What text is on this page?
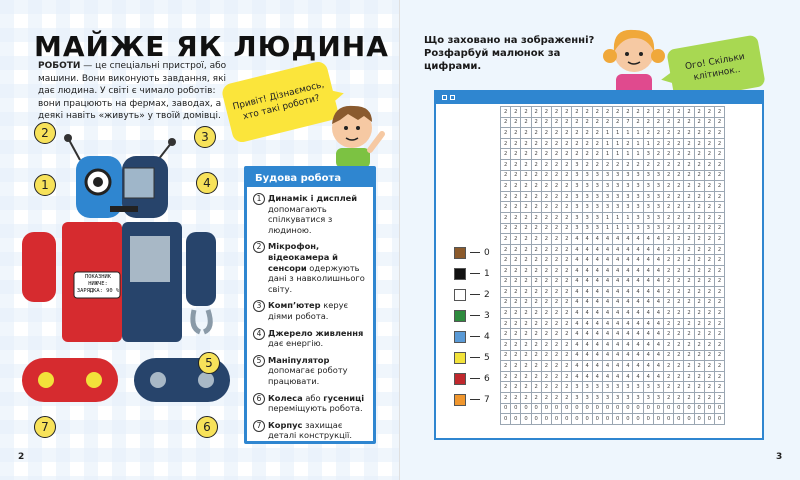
МАЙЖЕ ЯК ЛЮДИНА
РОБОТИ — це спеціальні пристрої, або машини. Вони виконують завдання, які дає людина. У світі є чимало роботів: вони працюють на фермах, заводах, а деякі навіть «живуть» у твоїй домівці.
Привіт! Дізнаємось, хто такі роботи?
ПОКАЗНИК НИЖЧЕ: ЗАРЯДКА: 90 %
1
2	3
4
5
6
7
Будова робота
1 Динамік і дисплей допомагають спілкуватися з людиною.
2 Мікрофон, відеокамера й сенсори одержують дані з навколишнього світу.
3 Комп’ютер керує діями робота.
4 Джерело живлення дає енергію.
5 Маніпулятор допомагає роботу працювати.
6 Колеса або гусениці переміщують робота.
7 Корпус захищає деталі конструкції.
2
Що заховано на зображенні? Розфарбуй малюнок за цифрами.	Ого! Скільки клітинок..
0
1
2
3
4
5
6
7
2	2	2	2	2	2	2	2	2	2	2	2	2	2	2	2	2	2	2	2	2	2
2	2	2	2	2	2	2	2	2	2	2	2	7	2	2	2	2	2	2	2	2	2
2	2	2	2	2	2	2	2	2	2	1	1	1	1	2	2	2	2	2	2	2	2
2	2	2	2	2	2	2	2	2	2	1	1	2	1	1	2	2	2	2	2	2	2
2	2	2	2	2	2	2	2	2	2	1	1	1	1	3	2	2	2	2	2	2	2
2	2	2	2	2	2	2	3	2	2	2	2	2	2	2	2	2	2	2	2	2	2
2	2	2	2	2	2	2	3	3	3	3	3	3	3	3	3	2	2	2	2	2	2
2	2	2	2	2	2	2	3	3	3	3	3	3	3	3	3	2	2	2	2	2	2
2	2	2	2	2	2	2	3	3	3	3	3	3	3	3	3	2	2	2	2	2	2
2	2	2	2	2	2	2	3	3	3	3	3	3	3	3	3	2	2	2	2	2	2
2	2	2	2	2	2	2	3	3	3	1	1	1	3	3	3	2	2	2	2	2	2
2	2	2	2	2	2	2	3	3	3	1	1	1	3	3	3	2	2	2	2	2	2
2	2	2	2	2	2	2	4	4	4	4	4	4	4	4	4	2	2	2	2	2	2
2	2	2	2	2	2	2	4	4	4	4	4	4	4	4	4	2	2	2	2	2	2
2	2	2	2	2	2	2	4	4	4	4	4	4	4	4	4	2	2	2	2	2	2
2	2	2	2	2	2	2	4	4	4	4	4	4	4	4	4	2	2	2	2	2	2
2	2	2	2	2	2	2	4	4	4	4	4	4	4	4	4	2	2	2	2	2	2
2	2	2	2	2	2	2	4	4	4	4	4	4	4	4	4	2	2	2	2	2	2
2	2	2	2	2	2	2	4	4	4	4	4	4	4	4	4	2	2	2	2	2	2
2	2	2	2	2	2	2	4	4	4	4	4	4	4	4	4	2	2	2	2	2	2
2	2	2	2	2	2	2	4	4	4	4	4	4	4	4	4	2	2	2	2	2	2
2	2	2	2	2	2	2	4	4	4	4	4	4	4	4	4	2	2	2	2	2	2
2	2	2	2	2	2	2	4	4	4	4	4	4	4	4	4	2	2	2	2	2	2
2	2	2	2	2	2	2	4	4	4	4	4	4	4	4	4	2	2	2	2	2	2
2	2	2	2	2	2	2	4	4	4	4	4	4	4	4	4	2	2	2	2	2	2
2	2	2	2	2	2	2	4	4	4	4	4	4	4	4	4	2	2	2	2	2	2
2	2	2	2	2	2	2	3	3	3	3	3	3	3	3	3	2	2	2	2	2	2
2	2	2	2	2	2	2	3	3	3	3	3	3	3	3	3	2	2	2	2	2	2
0	0	0	0	0	0	0	0	0	0	0	0	0	0	0	0	0	0	0	0	0	0
0	0	0	0	0	0	0	0	0	0	0	0	0	0	0	0	0	0	0	0	0	0
3
